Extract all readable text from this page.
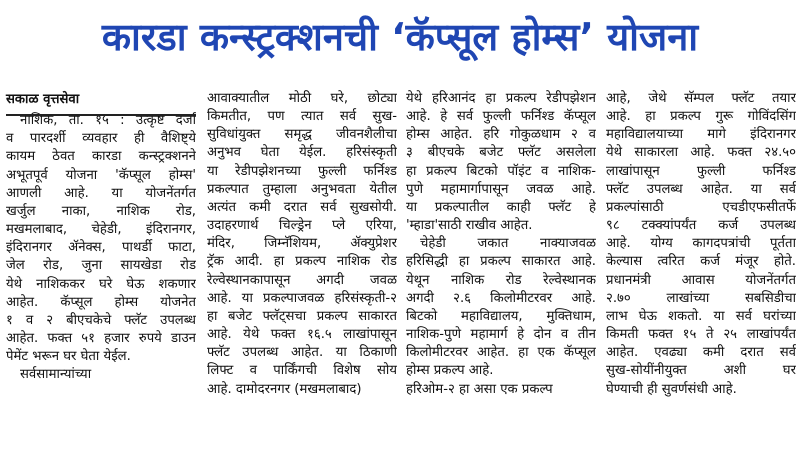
कारडा कन्स्ट्रक्शनची ‘कॅप्सूल होम्स’ योजना
सकाळ वृत्तसेवा
नाशिक, ता. १५ : उत्कृष्ट दर्जा
व पारदर्शी व्यवहार ही वैशिष्ट्ये
कायम ठेवत कारडा कन्स्ट्रक्शनने
अभूतपूर्व योजना 'कॅप्सूल होम्स'
आणली आहे. या योजनेंतर्गत
खर्जुल नाका, नाशिक रोड,
मखमलाबाद, चेहेडी, इंदिरानगर,
इंदिरानगर ॲनेक्स, पाथर्डी फाटा,
जेल रोड, जुना सायखेडा रोड
येथे नाशिककर घरे घेऊ शकणार
आहेत. कॅप्सूल होम्स योजनेत
१ व २ बीएचकेचे फ्लॅट उपलब्ध
आहेत. फक्त ५१ हजार रुपये डाउन
पेमेंट भरून घर घेता येईल.
सर्वसामान्यांच्या
आवाक्यातील मोठी घरे, छोट्या
किमतीत, पण त्यात सर्व सुख-
सुविधांयुक्त समृद्ध जीवनशैलीचा
अनुभव घेता येईल. हरिसंस्कृती
या रेडीपझेशनच्या फुल्ली फर्निश्ड
प्रकल्पात तुम्हाला अनुभवता येतील
अत्यंत कमी दरात सर्व सुखसोयी.
उदाहरणार्थ चिल्ड्रेन प्ले एरिया,
मंदिर, जिम्नॅशियम, ॲक्युप्रेशर
ट्रॅक आदी. हा प्रकल्प नाशिक रोड
रेल्वेस्थानकापासून अगदी जवळ
आहे. या प्रकल्पाजवळ हरिसंस्कृती-२
हा बजेट फ्लॅट्सचा प्रकल्प साकारत
आहे. येथे फक्त १६.५ लाखांपासून
फ्लॅट उपलब्ध आहेत. या ठिकाणी
लिफ्ट व पार्किंगची विशेष सोय
आहे. दामोदरनगर (मखमलाबाद)
येथे हरिआनंद हा प्रकल्प रेडीपझेशन
आहे. हे सर्व फुल्ली फर्निश्ड कॅप्सूल
होम्स आहेत. हरि गोकुळधाम २ व
३ बीएचके बजेट फ्लॅट असलेला
हा प्रकल्प बिटको पॉइंट व नाशिक-
पुणे महामार्गापासून जवळ आहे.
या प्रकल्पातील काही फ्लॅट हे
'म्हाडा'साठी राखीव आहेत.
चेहेडी जकात नाक्याजवळ
हरिसिद्धी हा प्रकल्प साकारत आहे.
येथून नाशिक रोड रेल्वेस्थानक
अगदी २.६ किलोमीटरवर आहे.
बिटको महाविद्यालय, मुक्तिधाम,
नाशिक-पुणे महामार्ग हे दोन व तीन
किलोमीटरवर आहेत. हा एक कॅप्सूल
होम्स प्रकल्प आहे.
हरिओम-२ हा असा एक प्रकल्प
आहे, जेथे सॅम्पल फ्लॅट तयार
आहे. हा प्रकल्प गुरू गोविंदसिंग
महाविद्यालयाच्या मागे इंदिरानगर
येथे साकारला आहे. फक्त २४.५०
लाखांपासून फुल्ली फर्निश्ड
फ्लॅट उपलब्ध आहेत. या सर्व
प्रकल्पांसाठी एचडीएफसीतर्फे
९८ टक्क्यांपर्यंत कर्ज उपलब्ध
आहे. योग्य कागदपत्रांची पूर्तता
केल्यास त्वरित कर्ज मंजूर होते.
प्रधानमंत्री आवास योजनेंतर्गत
२.७० लाखांच्या सबसिडीचा
लाभ घेऊ शकतो. या सर्व घरांच्या
किमती फक्त १५ ते २५ लाखांपर्यंत
आहेत. एवढ्या कमी दरात सर्व
सुख-सोयींनीयुक्त अशी घर
घेण्याची ही सुवर्णसंधी आहे.
